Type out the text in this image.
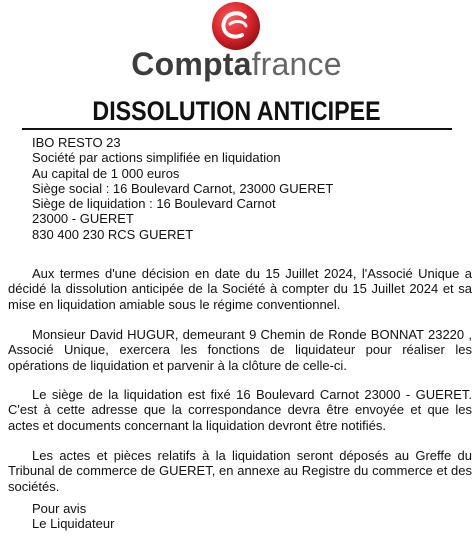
Comptafrance
DISSOLUTION ANTICIPEE
IBO RESTO 23
Société par actions simplifiée en liquidation
Au capital de 1 000 euros
Siège social : 16 Boulevard Carnot, 23000 GUERET
Siège de liquidation : 16 Boulevard Carnot
23000 - GUERET
830 400 230 RCS GUERET

Aux termes d'une décision en date du 15 Juillet 2024, l'Associé Unique a décidé la dissolution anticipée de la Société à compter du 15 Juillet 2024 et sa mise en liquidation amiable sous le régime conventionnel.

Monsieur David HUGUR, demeurant 9 Chemin de Ronde BONNAT 23220 , Associé Unique, exercera les fonctions de liquidateur pour réaliser les opérations de liquidation et parvenir à la clôture de celle-ci.

Le siège de la liquidation est fixé 16 Boulevard Carnot 23000 - GUERET. C'est à cette adresse que la correspondance devra être envoyée et que les actes et documents concernant la liquidation devront être notifiés.

Les actes et pièces relatifs à la liquidation seront déposés au Greffe du Tribunal de commerce de GUERET, en annexe au Registre du commerce et des sociétés.

Pour avis
Le Liquidateur
